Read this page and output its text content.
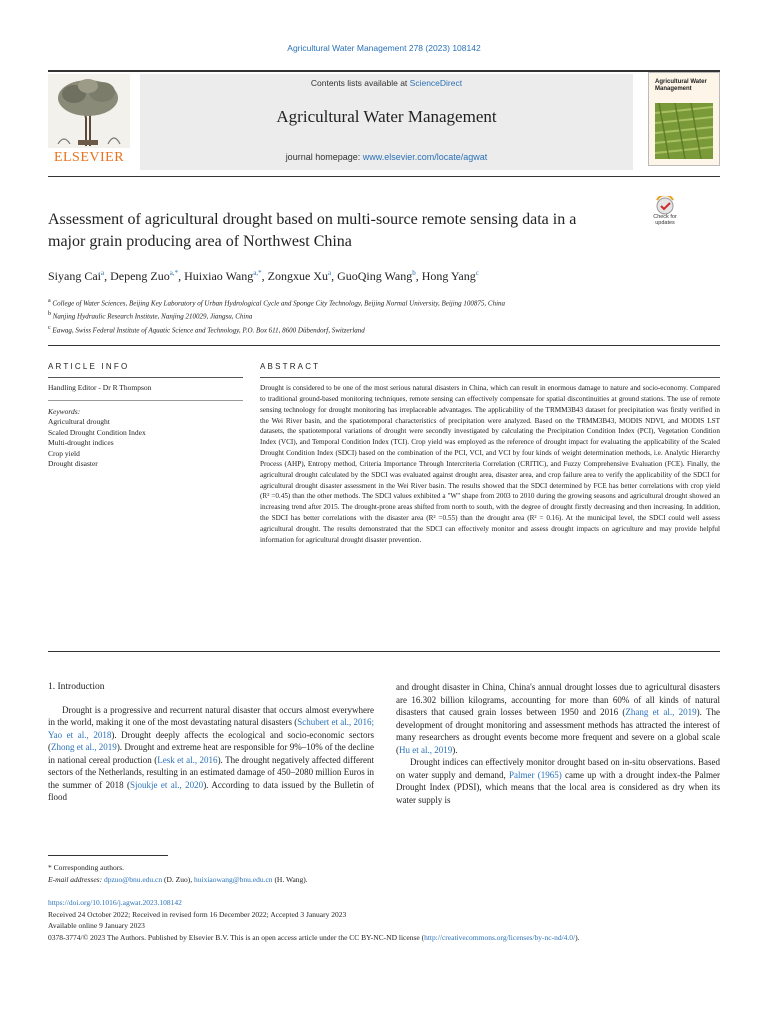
Agricultural Water Management 278 (2023) 108142
ELSEVIER
Contents lists available at ScienceDirect
Agricultural Water Management
journal homepage: www.elsevier.com/locate/agwat
Agricultural Water Management
Assessment of agricultural drought based on multi-source remote sensing data in a major grain producing area of Northwest China
Check for updates
Siyang Cai$^a$, Depeng Zuo$^{a,*}$, Huixiao Wang$^{a,*}$, Zongxue Xu$^a$, GuoQing Wang$^b$, Hong Yang$^c$
$^a$ College of Water Sciences, Beijing Key Laboratory of Urban Hydrological Cycle and Sponge City Technology, Beijing Normal University, Beijing 100875, China
$^b$ Nanjing Hydraulic Research Institute, Nanjing 210029, Jiangsu, China
$^c$ Eawag, Swiss Federal Institute of Aquatic Science and Technology, P.O. Box 611, 8600 Dübendorf, Switzerland
ARTICLE INFO	ABSTRACT
Handling Editor - Dr R Thompson
Keywords:
Agricultural drought
Scaled Drought Condition Index
Multi-drought indices
Crop yield
Drought disaster
Drought is considered to be one of the most serious natural disasters in China, which can result in enormous damage to nature and socio-economy. Compared to traditional ground-based monitoring techniques, remote sensing can effectively compensate for spatial discontinuities at ground stations. The use of remote sensing technology for drought monitoring has irreplaceable advantages. The applicability of the TRMM3B43 dataset for precipitation was firstly verified in the Wei River basin, and the spatiotemporal characteristics of precipitation were analyzed. Based on the TRMM3B43, MODIS NDVI, and MODIS LST datasets, the spatiotemporal variations of drought were secondly investigated by calculating the Precipitation Condition Index (PCI), Vegetation Condition Index (VCI), and Temporal Condition Index (TCI). Crop yield was employed as the reference of drought impact for evaluating the applicability of the Scaled Drought Condition Index (SDCI) based on the combination of the PCI, VCI, and VCI by four kinds of weight determination methods, i.e. Analytic Hierarchy Process (AHP), Entropy method, Criteria Importance Through Intercriteria Correlation (CRITIC), and Fuzzy Comprehensive Evaluation (FCE). Finally, the agricultural drought calculated by the SDCI was evaluated against drought area, disaster area, and crop failure area to verify the applicability of the SDCI for agricultural drought disaster assessment in the Wei River basin. The results showed that the SDCI determined by FCE has better correlations with crop yield (R² =0.45) than the other methods. The SDCI values exhibited a "W" shape from 2003 to 2010 during the growing seasons and agricultural drought showed an increasing trend after 2015. The drought-prone areas shifted from north to south, with the degree of drought firstly decreasing and then increasing. In addition, the SDCI has better correlations with the disaster area (R² =0.55) than the drought area (R² = 0.16). At the municipal level, the SDCI could well assess agricultural drought. The results demonstrated that the SDCI can effectively monitor and assess drought impacts on agriculture and may provide helpful information for agricultural drought disaster prevention.
1. Introduction

Drought is a progressive and recurrent natural disaster that occurs almost everywhere in the world, making it one of the most devastating natural disasters (Schubert et al., 2016; Yao et al., 2018). Drought deeply affects the ecological and socio-economic sectors (Zhong et al., 2019). Drought and extreme heat are responsible for 9%–10% of the decline in national cereal production (Lesk et al., 2016). The drought negatively affected different sectors of the Netherlands, resulting in an estimated damage of 450–2080 million Euros in the summer of 2018 (Sjoukje et al., 2020). According to data issued by the Bulletin of flood

and drought disaster in China, China's annual drought losses due to agricultural disasters are 16.302 billion kilograms, accounting for more than 60% of all kinds of natural disasters that caused grain losses between 1950 and 2016 (Zhang et al., 2019). The development of drought monitoring and assessment methods has attracted the interest of many researchers as drought events become more frequent and severe on a global scale (Hu et al., 2019).

Drought indices can effectively monitor drought based on in-situ observations. Based on water supply and demand, Palmer (1965) came up with a drought index-the Palmer Drought Index (PDSI), which means that the local area is considered as dry when its water supply is

* Corresponding authors.
E-mail addresses: dpzuo@bnu.edu.cn (D. Zuo), huixiaowang@bnu.edu.cn (H. Wang).
https://doi.org/10.1016/j.agwat.2023.108142
Received 24 October 2022; Received in revised form 16 December 2022; Accepted 3 January 2023
Available online 9 January 2023
0378-3774/© 2023 The Authors. Published by Elsevier B.V. This is an open access article under the CC BY-NC-ND license (http://creativecommons.org/licenses/by-nc-nd/4.0/).
